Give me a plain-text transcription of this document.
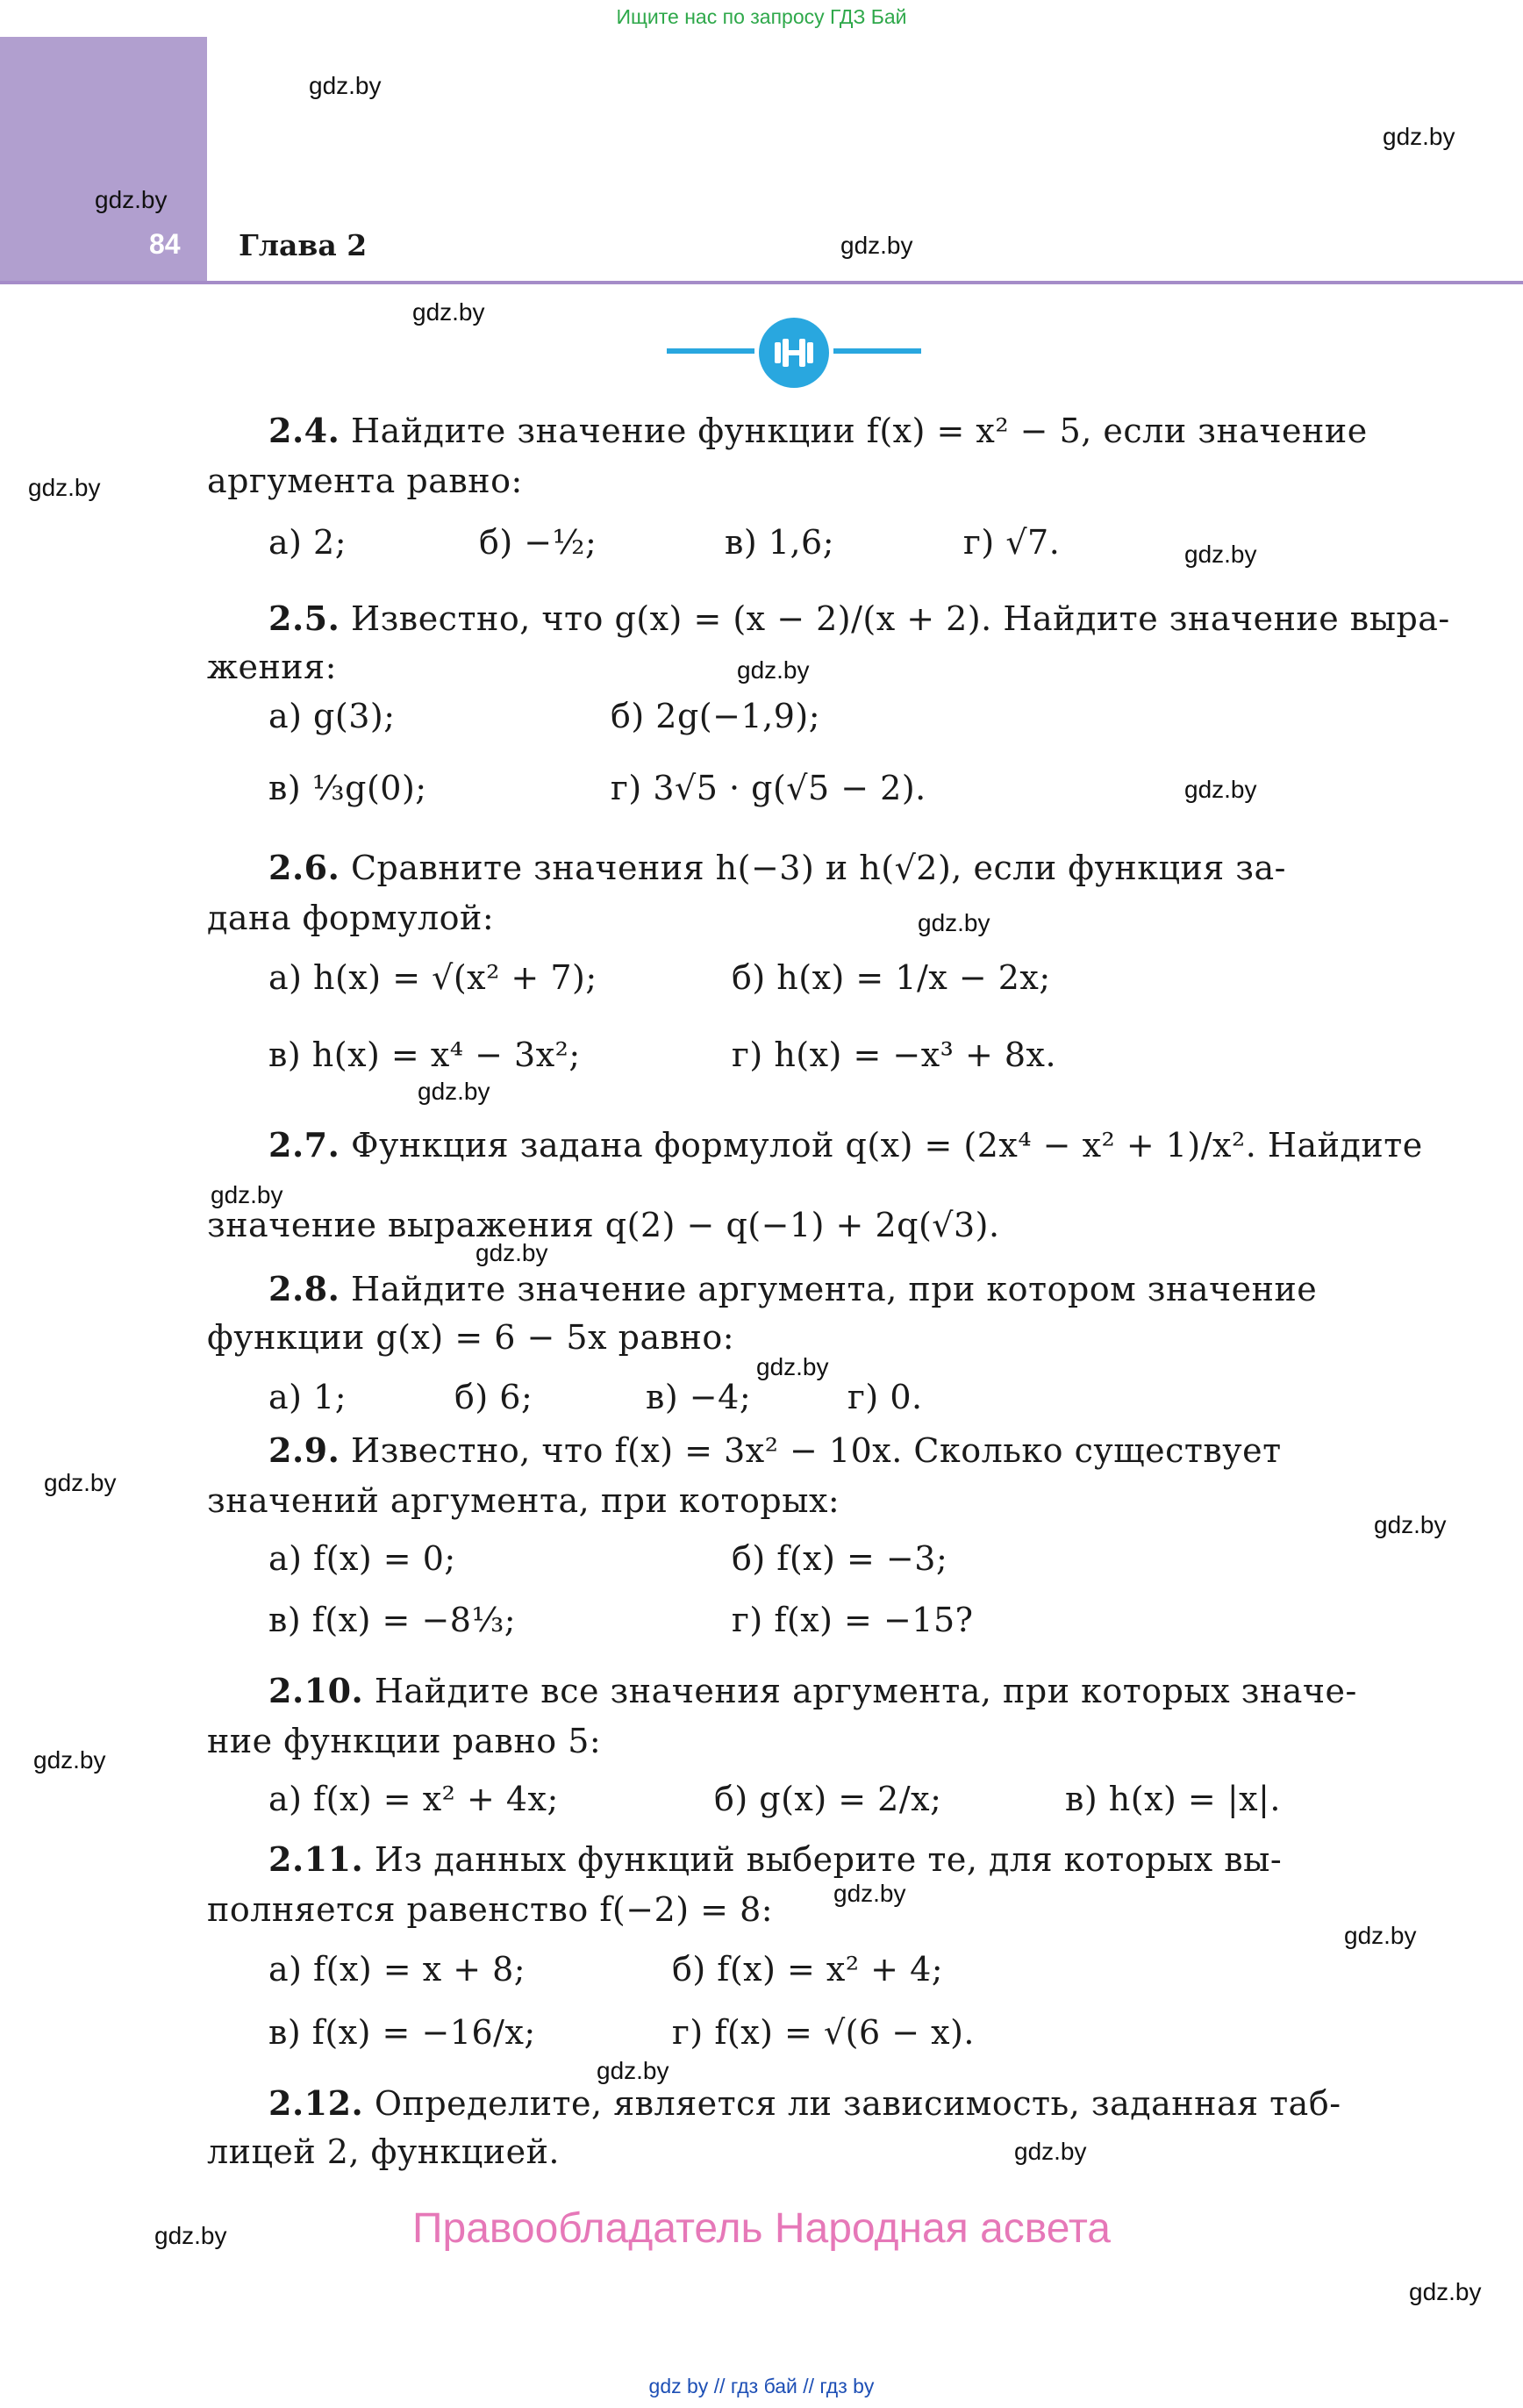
Ищите нас по запросу ГДЗ Бай
84 Глава 2
gdz.by
gdz.by
gdz.by
gdz.by
gdz.by
gdz.by
gdz.by
gdz.by
gdz.by
gdz.by
gdz.by
gdz.by
gdz.by
gdz.by
gdz.by
gdz.by
gdz.by
gdz.by
gdz.by
gdz.by
gdz.by
gdz.by
gdz.by
2.4. Найдите значение функции f(x) = x² − 5, если значение
аргумента равно:
а) 2;	б) −½;	в) 1,6;	г) √7.
2.5. Известно, что g(x) = (x − 2)/(x + 2). Найдите значение выра-
жения:
а) g(3);	б) 2g(−1,9);
в) ⅓g(0);	г) 3√5 · g(√5 − 2).
2.6. Сравните значения h(−3) и h(√2), если функция за-
дана формулой:
а) h(x) = √(x² + 7);	б) h(x) = 1/x − 2x;
в) h(x) = x⁴ − 3x²;	г) h(x) = −x³ + 8x.
2.7. Функция задана формулой q(x) = (2x⁴ − x² + 1)/x². Найдите
значение выражения q(2) − q(−1) + 2q(√3).
2.8. Найдите значение аргумента, при котором значение
функции g(x) = 6 − 5x равно:
а) 1;	б) 6;	в) −4;	г) 0.
2.9. Известно, что f(x) = 3x² − 10x. Сколько существует
значений аргумента, при которых:
а) f(x) = 0;	б) f(x) = −3;
в) f(x) = −8⅓;	г) f(x) = −15?
2.10. Найдите все значения аргумента, при которых значе-
ние функции равно 5:
а) f(x) = x² + 4x;	б) g(x) = 2/x;	в) h(x) = |x|.
2.11. Из данных функций выберите те, для которых вы-
полняется равенство f(−2) = 8:
а) f(x) = x + 8;	б) f(x) = x² + 4;
в) f(x) = −16/x;	г) f(x) = √(6 − x).
2.12. Определите, является ли зависимость, заданная таб-
лицей 2, функцией.
Правообладатель Народная асвета
gdz by // гдз бай // гдз by
